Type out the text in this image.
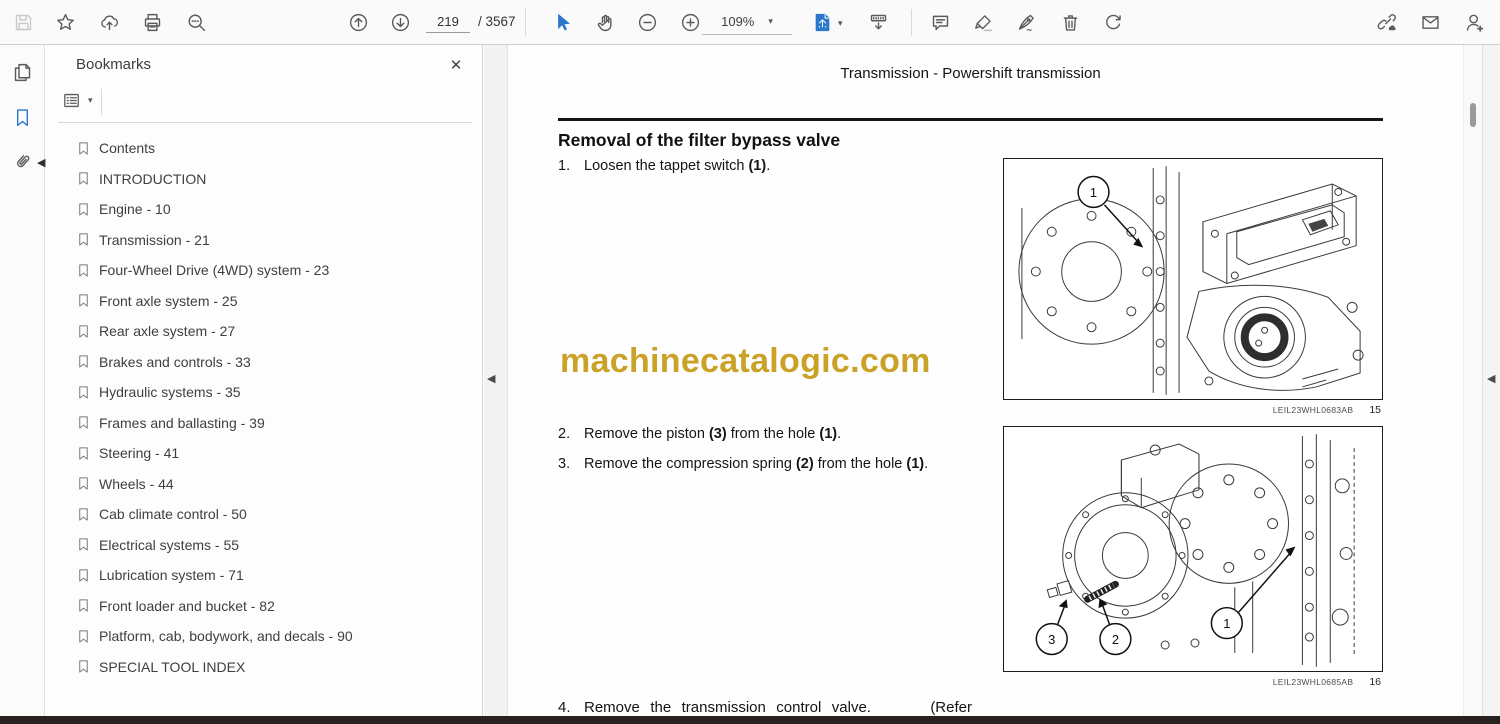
219
/ 3567	109% ▾	▾
◀
Bookmarks	✕
▾
Contents
INTRODUCTION
Engine - 10
Transmission - 21
Four-Wheel Drive (4WD) system - 23
Front axle system - 25
Rear axle system - 27
Brakes and controls - 33
Hydraulic systems - 35
Frames and ballasting - 39
Steering - 41
Wheels - 44
Cab climate control - 50
Electrical systems - 55
Lubrication system - 71
Front loader and bucket - 82
Platform, cab, bodywork, and decals - 90
SPECIAL TOOL INDEX
◀
Transmission - Powershift transmission
Removal of the filter bypass valve
1. Loosen the tappet switch (1).
machinecatalogic.com
2. Remove the piston (3) from the hole (1).
3. Remove the compression spring (2) from the hole (1).
4. Remove the transmission control valve.	(Refer
1
LEIL23WHL0683AB 15
3	2
1
LEIL23WHL0685AB 16
◀
